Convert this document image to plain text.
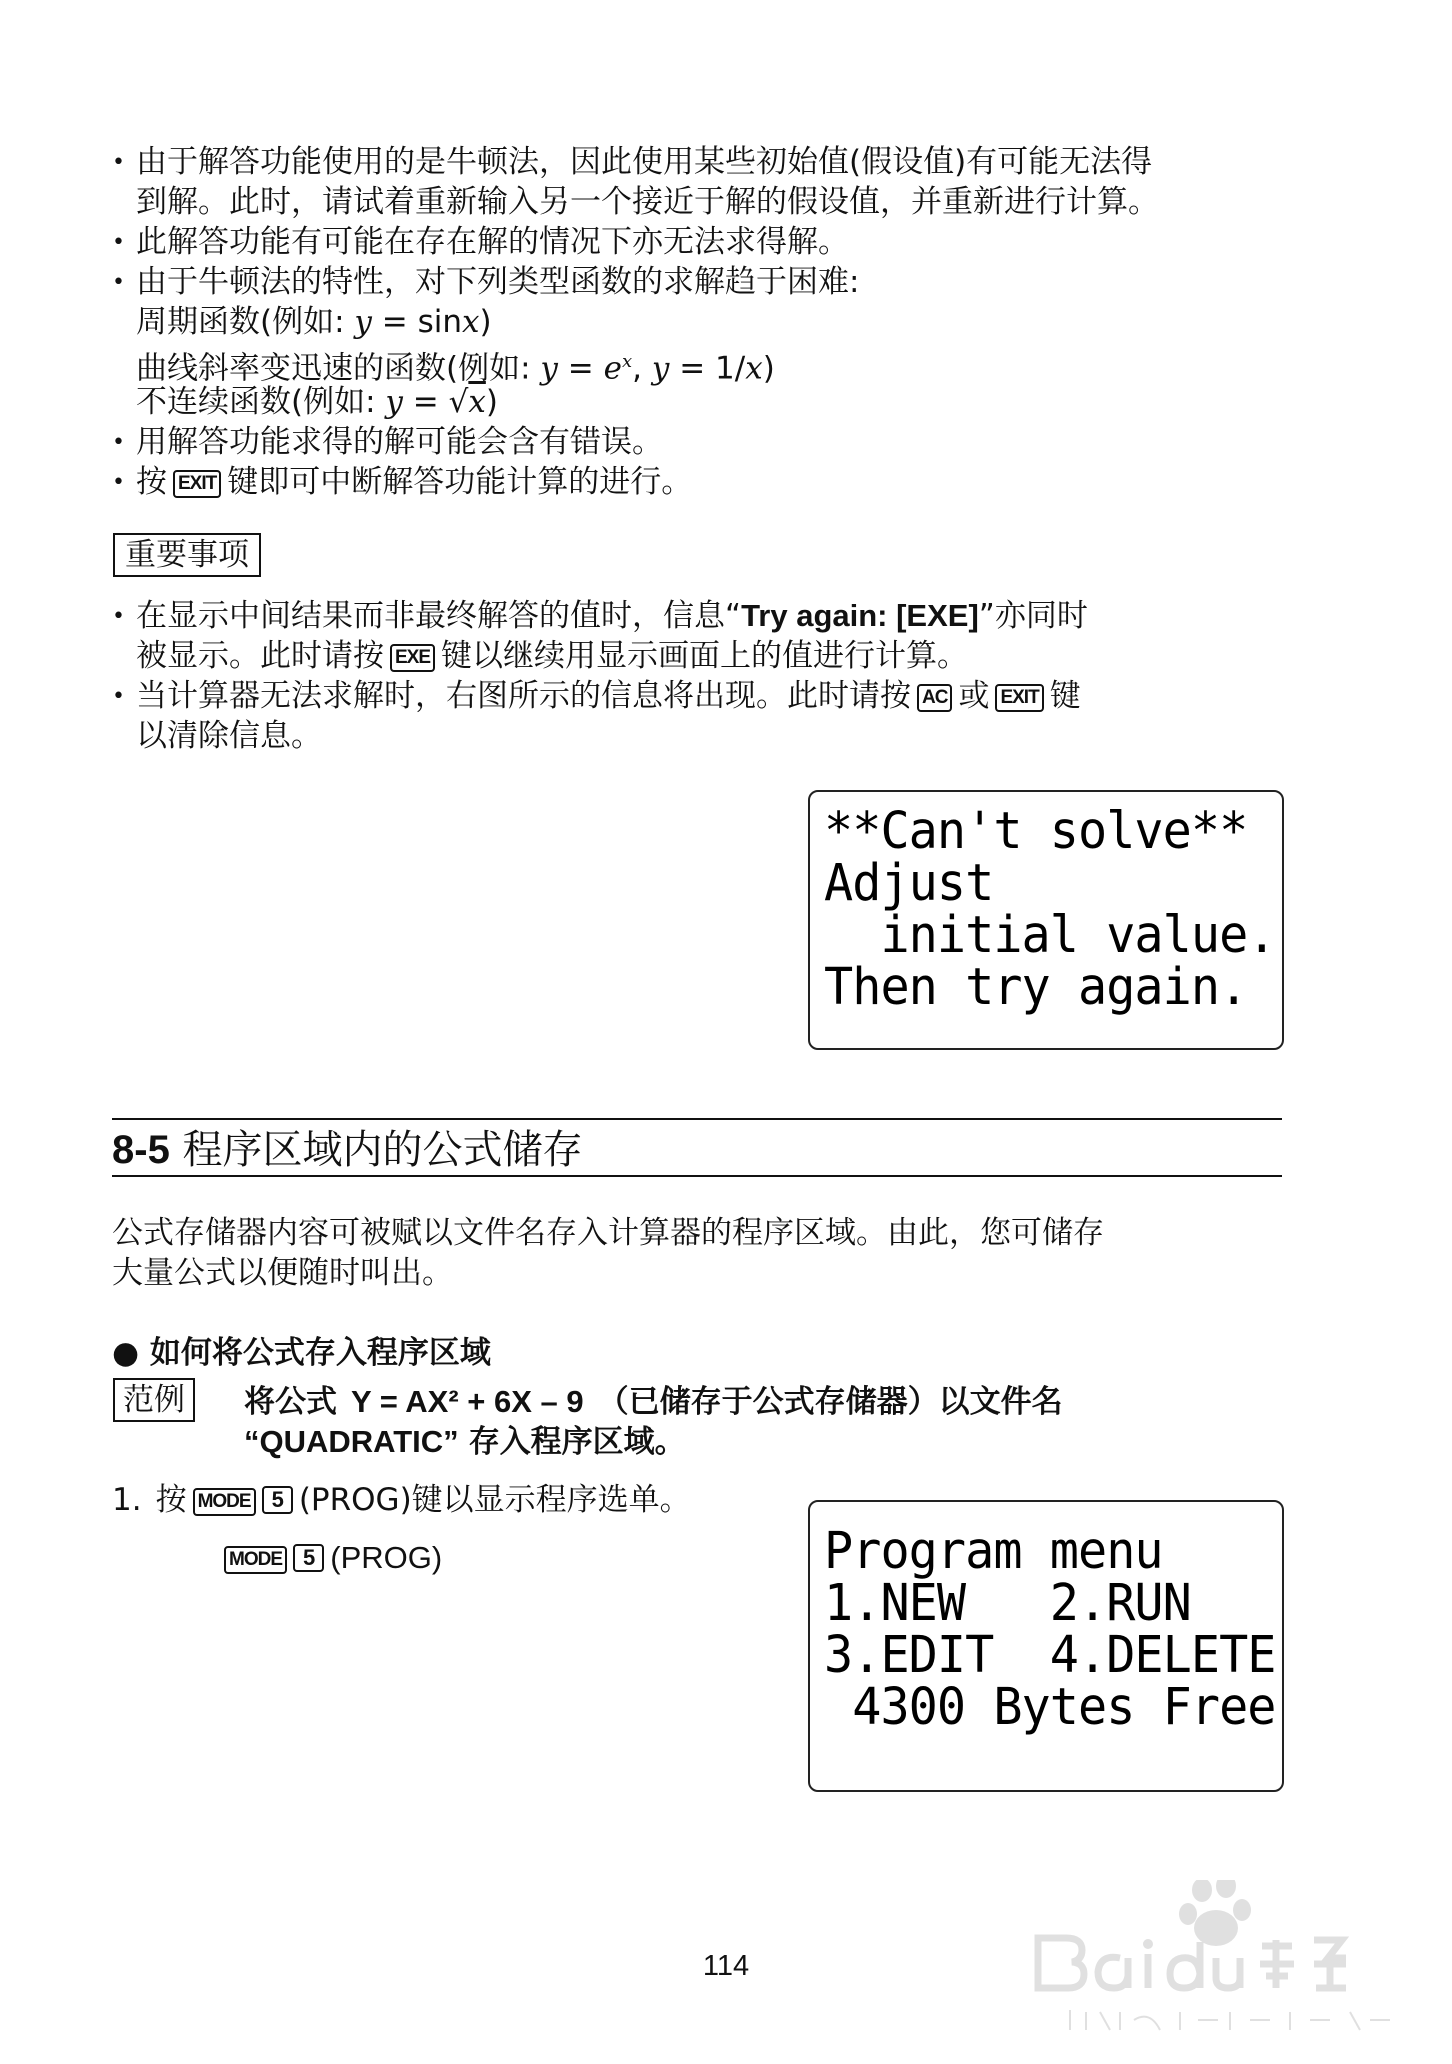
• 由于解答功能使用的是牛顿法，因此使用某些初始值(假设值)有可能无法得
到解。此时，请试着重新输入另一个接近于解的假设值，并重新进行计算。
• 此解答功能有可能在存在解的情况下亦无法求得解。
• 由于牛顿法的特性，对下列类型函数的求解趋于困难:
周期函数(例如: y = sinx)
曲线斜率变迅速的函数(例如: $y = e^x$, y = 1/x)
不连续函数(例如: y = √x)
• 用解答功能求得的解可能会含有错误。
• 按 EXIT 键即可中断解答功能计算的进行。
重要事项
• 在显示中间结果而非最终解答的值时，信息“Try again: [EXE]”亦同时
被显示。此时请按 EXE 键以继续用显示画面上的值进行计算。
• 当计算器无法求解时，右图所示的信息将出现。此时请按 AC 或 EXIT 键
以清除信息。
**Can't solve**
Adjust
initial value.
Then try again.
8-5 程序区域内的公式储存
公式存储器内容可被赋以文件名存入计算器的程序区域。由此，您可储存
大量公式以便随时叫出。
● 如何将公式存入程序区域
范例	将公式 Y = AX² + 6X – 9 （已储存于公式存储器）以文件名
“QUADRATIC” 存入程序区域。
1. 按 MODE 5 (PROG)键以显示程序选单。
MODE 5 (PROG)	Program menu
1.NEW   2.RUN
3.EDIT  4.DELETE
4300 Bytes Free
114
